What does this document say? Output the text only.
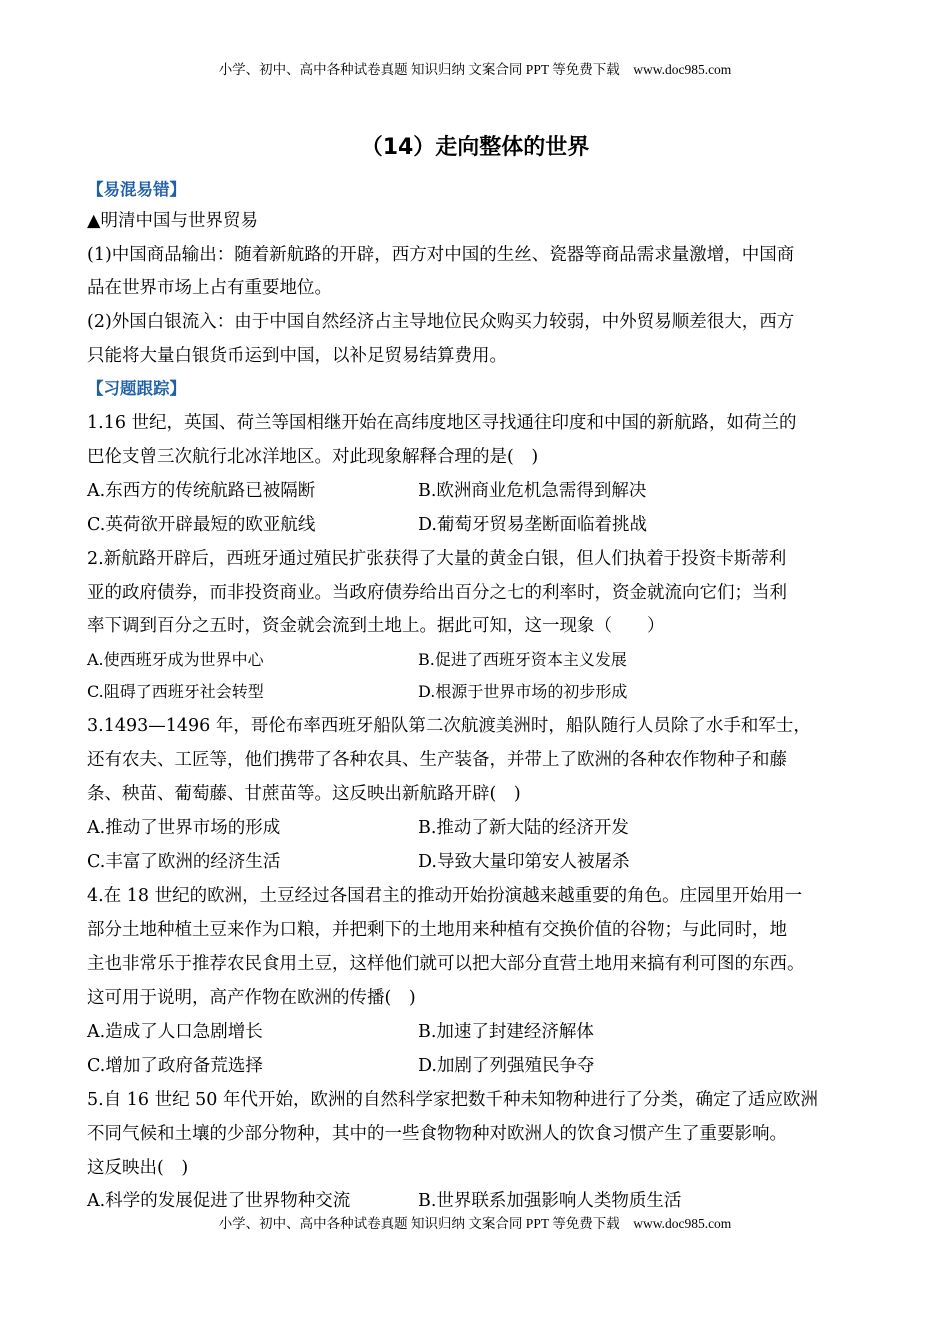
小学、初中、高中各种试卷真题 知识归纳 文案合同 PPT 等免费下载　www.doc985.com
（14）走向整体的世界
【易混易错】
▲明清中国与世界贸易
(1)中国商品输出：随着新航路的开辟，西方对中国的生丝、瓷器等商品需求量激增，中国商
品在世界市场上占有重要地位。
(2)外国白银流入：由于中国自然经济占主导地位民众购买力较弱，中外贸易顺差很大，西方
只能将大量白银货币运到中国，以补足贸易结算费用。
【习题跟踪】
1.16 世纪，英国、荷兰等国相继开始在高纬度地区寻找通往印度和中国的新航路，如荷兰的
巴伦支曾三次航行北冰洋地区。对此现象解释合理的是(　)
A.东西方的传统航路已被隔断	B.欧洲商业危机急需得到解决
C.英荷欲开辟最短的欧亚航线	D.葡萄牙贸易垄断面临着挑战
2.新航路开辟后，西班牙通过殖民扩张获得了大量的黄金白银，但人们执着于投资卡斯蒂利
亚的政府债券，而非投资商业。当政府债券给出百分之七的利率时，资金就流向它们；当利
率下调到百分之五时，资金就会流到土地上。据此可知，这一现象（　　）
A.使西班牙成为世界中心	B.促进了西班牙资本主义发展
C.阻碍了西班牙社会转型	D.根源于世界市场的初步形成
3.1493—1496 年，哥伦布率西班牙船队第二次航渡美洲时，船队随行人员除了水手和军士，
还有农夫、工匠等，他们携带了各种农具、生产装备，并带上了欧洲的各种农作物种子和藤
条、秧苗、葡萄藤、甘蔗苗等。这反映出新航路开辟(　)
A.推动了世界市场的形成	B.推动了新大陆的经济开发
C.丰富了欧洲的经济生活	D.导致大量印第安人被屠杀
4.在 18 世纪的欧洲，土豆经过各国君主的推动开始扮演越来越重要的角色。庄园里开始用一
部分土地种植土豆来作为口粮，并把剩下的土地用来种植有交换价值的谷物；与此同时，地
主也非常乐于推荐农民食用土豆，这样他们就可以把大部分直营土地用来搞有利可图的东西。
这可用于说明，高产作物在欧洲的传播(　)
A.造成了人口急剧增长	B.加速了封建经济解体
C.增加了政府备荒选择	D.加剧了列强殖民争夺
5.自 16 世纪 50 年代开始，欧洲的自然科学家把数千种未知物种进行了分类，确定了适应欧洲
不同气候和土壤的少部分物种，其中的一些食物物种对欧洲人的饮食习惯产生了重要影响。
这反映出(　)
A.科学的发展促进了世界物种交流	B.世界联系加强影响人类物质生活
小学、初中、高中各种试卷真题 知识归纳 文案合同 PPT 等免费下载　www.doc985.com
